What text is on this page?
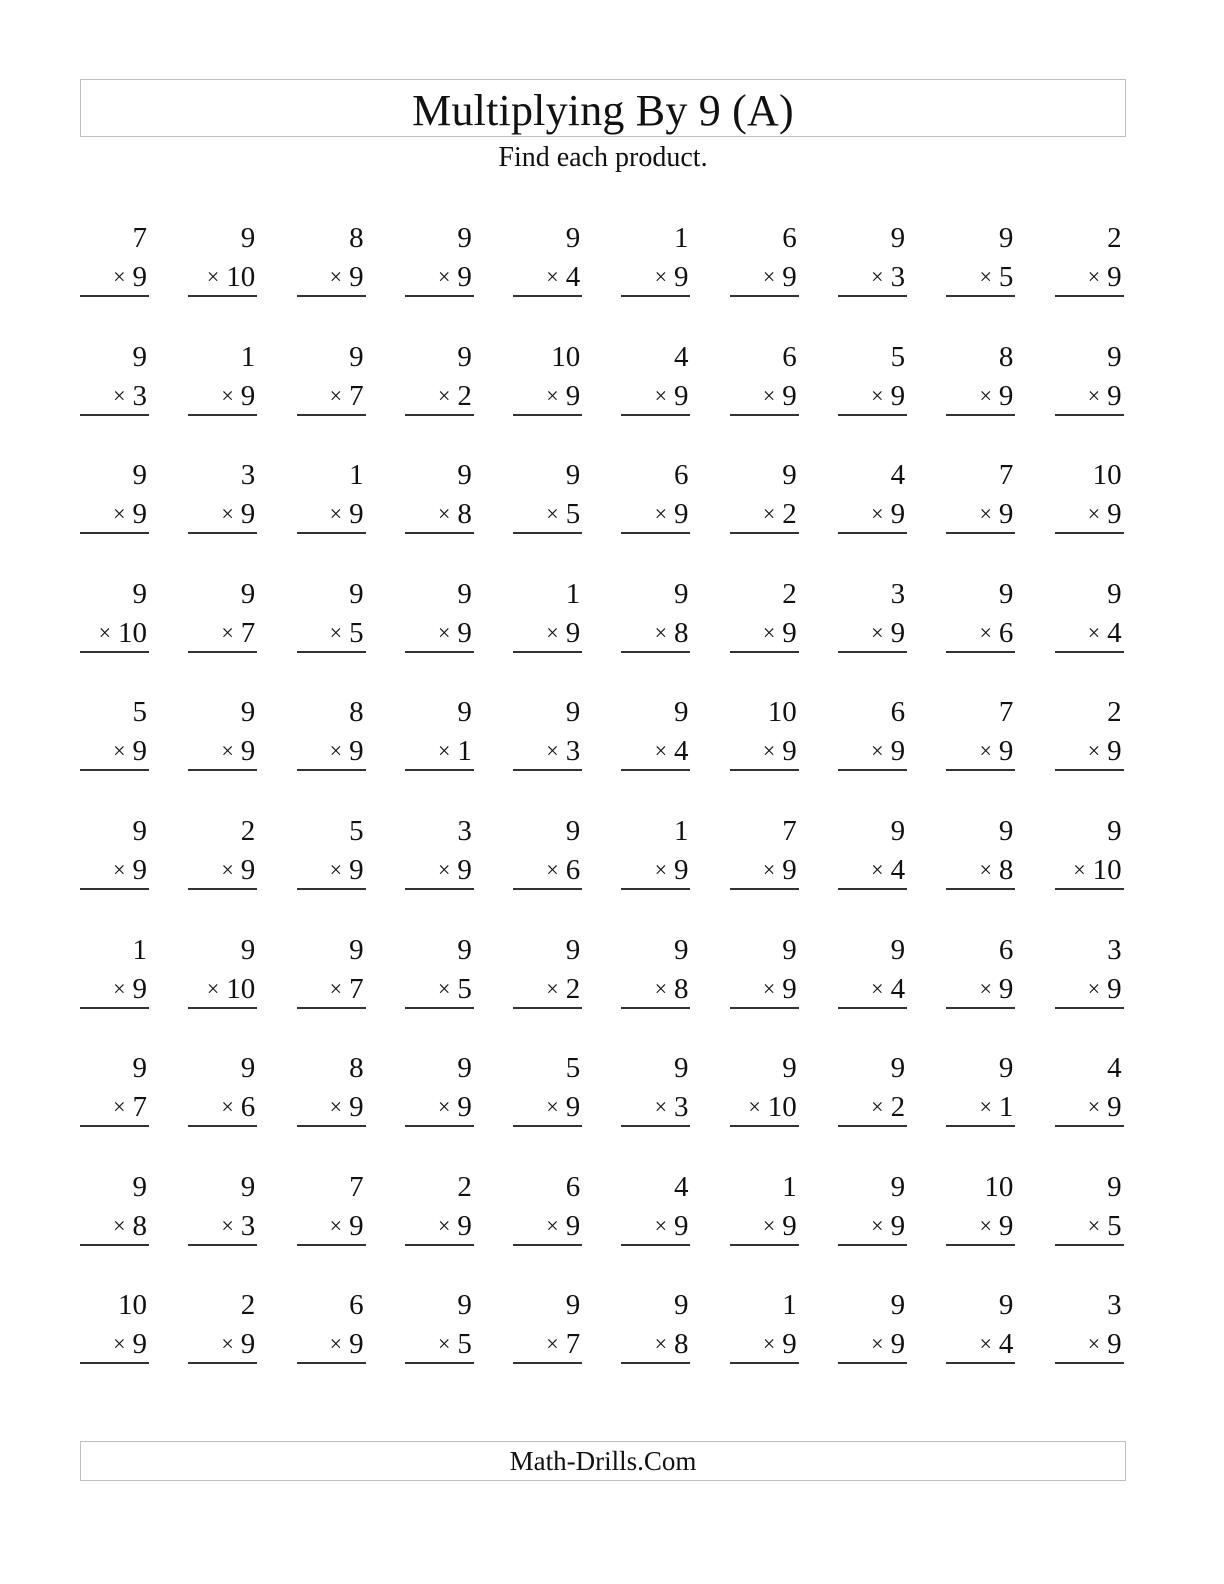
Multiplying By 9 (A)
Find each product.
7
× 9
9
× 10
8
× 9
9
× 9
9
× 4
1
× 9
6
× 9
9
× 3
9
× 5
2
× 9
9
× 3
1
× 9
9
× 7
9
× 2
10
× 9
4
× 9
6
× 9
5
× 9
8
× 9
9
× 9
9
× 9
3
× 9
1
× 9
9
× 8
9
× 5
6
× 9
9
× 2
4
× 9
7
× 9
10
× 9
9
× 10
9
× 7
9
× 5
9
× 9
1
× 9
9
× 8
2
× 9
3
× 9
9
× 6
9
× 4
5
× 9
9
× 9
8
× 9
9
× 1
9
× 3
9
× 4
10
× 9
6
× 9
7
× 9
2
× 9
9
× 9
2
× 9
5
× 9
3
× 9
9
× 6
1
× 9
7
× 9
9
× 4
9
× 8
9
× 10
1
× 9
9
× 10
9
× 7
9
× 5
9
× 2
9
× 8
9
× 9
9
× 4
6
× 9
3
× 9
9
× 7
9
× 6
8
× 9
9
× 9
5
× 9
9
× 3
9
× 10
9
× 2
9
× 1
4
× 9
9
× 8
9
× 3
7
× 9
2
× 9
6
× 9
4
× 9
1
× 9
9
× 9
10
× 9
9
× 5
10
× 9
2
× 9
6
× 9
9
× 5
9
× 7
9
× 8
1
× 9
9
× 9
9
× 4
3
× 9
Math-Drills.Com
